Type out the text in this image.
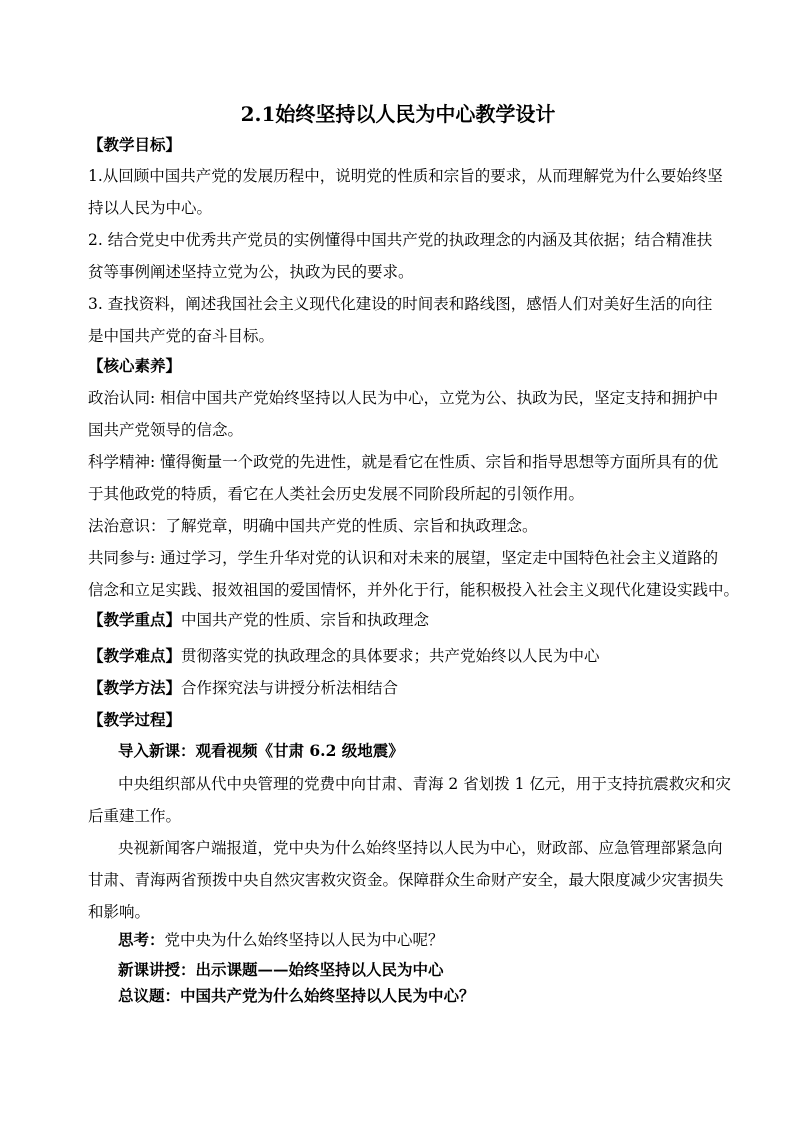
2.1始终坚持以人民为中心教学设计
【教学目标】
1.从回顾中国共产党的发展历程中，说明党的性质和宗旨的要求，从而理解党为什么要始终坚
持以人民为中心。
2. 结合党史中优秀共产党员的实例懂得中国共产党的执政理念的内涵及其依据；结合精准扶
贫等事例阐述坚持立党为公，执政为民的要求。
3. 查找资料，阐述我国社会主义现代化建设的时间表和路线图，感悟人们对美好生活的向往
是中国共产党的奋斗目标。
【核心素养】
政治认同: 相信中国共产党始终坚持以人民为中心，立党为公、执政为民，坚定支持和拥护中
国共产党领导的信念。
科学精神: 懂得衡量一个政党的先进性，就是看它在性质、宗旨和指导思想等方面所具有的优
于其他政党的特质，看它在人类社会历史发展不同阶段所起的引领作用。
法治意识：了解党章，明确中国共产党的性质、宗旨和执政理念。
共同参与: 通过学习，学生升华对党的认识和对未来的展望，坚定走中国特色社会主义道路的
信念和立足实践、报效祖国的爱国情怀，并外化于行，能积极投入社会主义现代化建设实践中。
【教学重点】中国共产党的性质、宗旨和执政理念
【教学难点】贯彻落实党的执政理念的具体要求；共产党始终以人民为中心
【教学方法】合作探究法与讲授分析法相结合
【教学过程】
导入新课：观看视频《甘肃 6.2 级地震》
中央组织部从代中央管理的党费中向甘肃、青海 2 省划拨 1 亿元，用于支持抗震救灾和灾
后重建工作。
央视新闻客户端报道，党中央为什么始终坚持以人民为中心，财政部、应急管理部紧急向
甘肃、青海两省预拨中央自然灾害救灾资金。保障群众生命财产安全，最大限度减少灾害损失
和影响。
思考：党中央为什么始终坚持以人民为中心呢？
新课讲授：出示课题——始终坚持以人民为中心
总议题：中国共产党为什么始终坚持以人民为中心？
